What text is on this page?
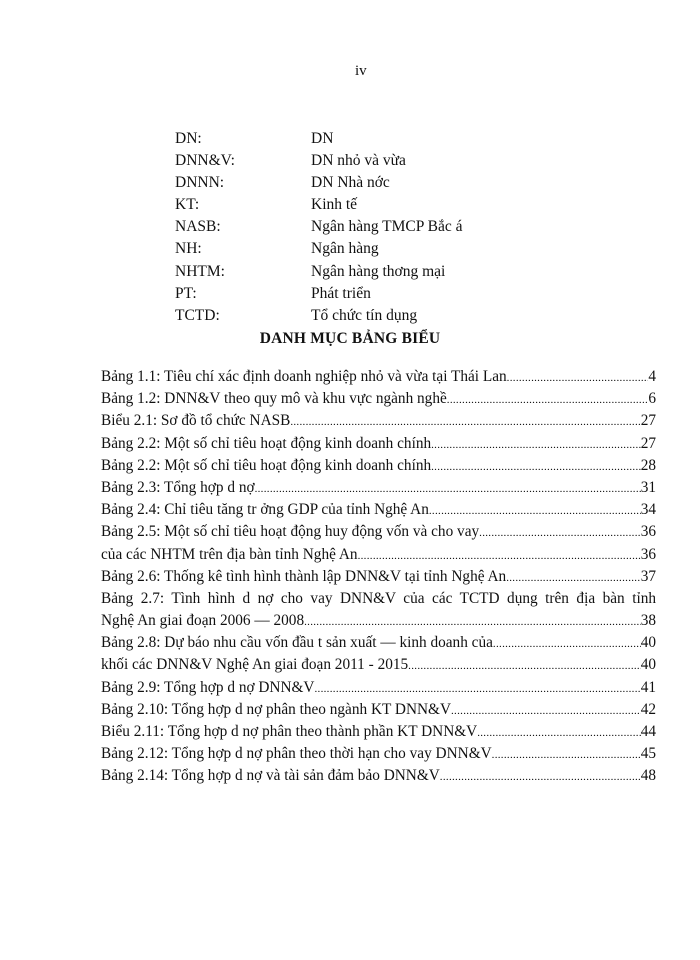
iv
DN:	DN
DNN&V:	DN nhỏ và vừa
DNNN:	DN Nhà nớc
KT:	Kinh tế
NASB:	Ngân hàng TMCP Bắc á
NH:	Ngân hàng
NHTM:	Ngân hàng thơng mại
PT:	Phát triển
TCTD:	Tổ chức tín dụng
DANH MỤC BẢNG BIỂU
Bảng 1.1: Tiêu chí xác định doanh nghiệp nhỏ và vừa tại Thái Lan .....	4
Bảng 1.2: DNN&V theo quy mô và khu vực ngành nghề .....	6
Biểu 2.1: Sơ đồ tổ chức NASB .....	27
Bảng 2.2: Một số chỉ tiêu hoạt động kinh doanh chính .....	27
Bảng 2.2: Một số chỉ tiêu hoạt động kinh doanh chính .....	28
Bảng 2.3: Tổng hợp d nợ .....	31
Bảng 2.4: Chỉ tiêu tăng tr ởng GDP của tỉnh Nghệ An .....	34
Bảng 2.5: Một số chỉ tiêu hoạt động huy động vốn và cho vay .....	36
của các NHTM trên địa bàn tỉnh Nghệ An .....	36
Bảng 2.6: Thống kê tình hình thành lập DNN&V tại tỉnh Nghệ An .....	37
Bảng 2.7: Tình hình d nợ cho vay DNN&V của các TCTD dụng trên địa bàn tỉnh
Nghệ An giai đoạn 2006 — 2008 .....	38
Bảng 2.8: Dự báo nhu cầu vốn đầu t sản xuất — kinh doanh của .....	40
khối các DNN&V Nghệ An giai đoạn 2011 - 2015 .....	40
Bảng 2.9: Tổng hợp d nợ DNN&V .....	41
Bảng 2.10: Tổng hợp d nợ phân theo ngành KT DNN&V .....	42
Biểu 2.11: Tổng hợp d nợ phân theo thành phần KT DNN&V .....	44
Bảng 2.12: Tổng hợp d nợ phân theo thời hạn cho vay DNN&V .....	45
Bảng 2.14: Tổng hợp d nợ và tài sản đảm bảo DNN&V .....	48
